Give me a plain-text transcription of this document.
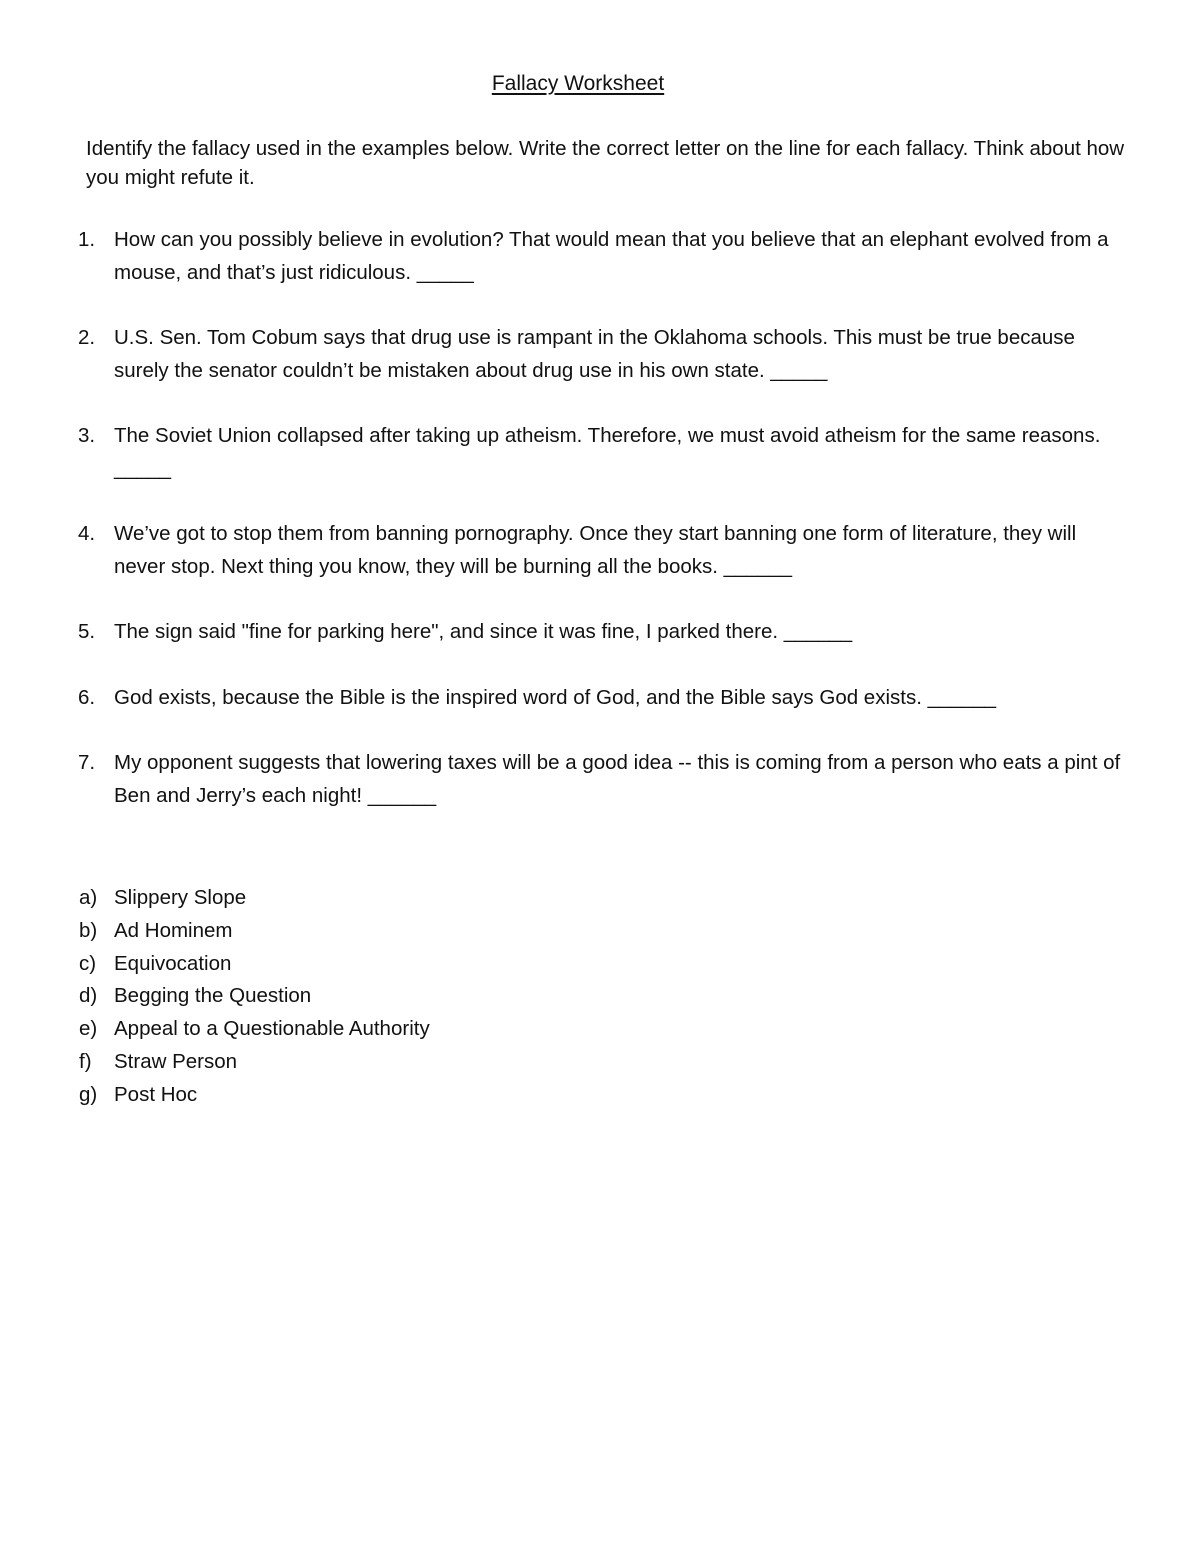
Fallacy Worksheet
Identify the fallacy used in the examples below. Write the correct letter on the line for each fallacy. Think about how you might refute it.
1. How can you possibly believe in evolution? That would mean that you believe that an elephant evolved from a mouse, and that’s just ridiculous. _____
2. U.S. Sen. Tom Cobum says that drug use is rampant in the Oklahoma schools. This must be true because surely the senator couldn’t be mistaken about drug use in his own state. _____
3. The Soviet Union collapsed after taking up atheism. Therefore, we must avoid atheism for the same reasons. _____
4. We’ve got to stop them from banning pornography. Once they start banning one form of literature, they will never stop. Next thing you know, they will be burning all the books. ______
5. The sign said "fine for parking here", and since it was fine, I parked there. ______
6. God exists, because the Bible is the inspired word of God, and the Bible says God exists. ______
7. My opponent suggests that lowering taxes will be a good idea -- this is coming from a person who eats a pint of Ben and Jerry’s each night! ______
a) Slippery Slope
b) Ad Hominem
c) Equivocation
d) Begging the Question
e) Appeal to a Questionable Authority
f) Straw Person
g) Post Hoc
